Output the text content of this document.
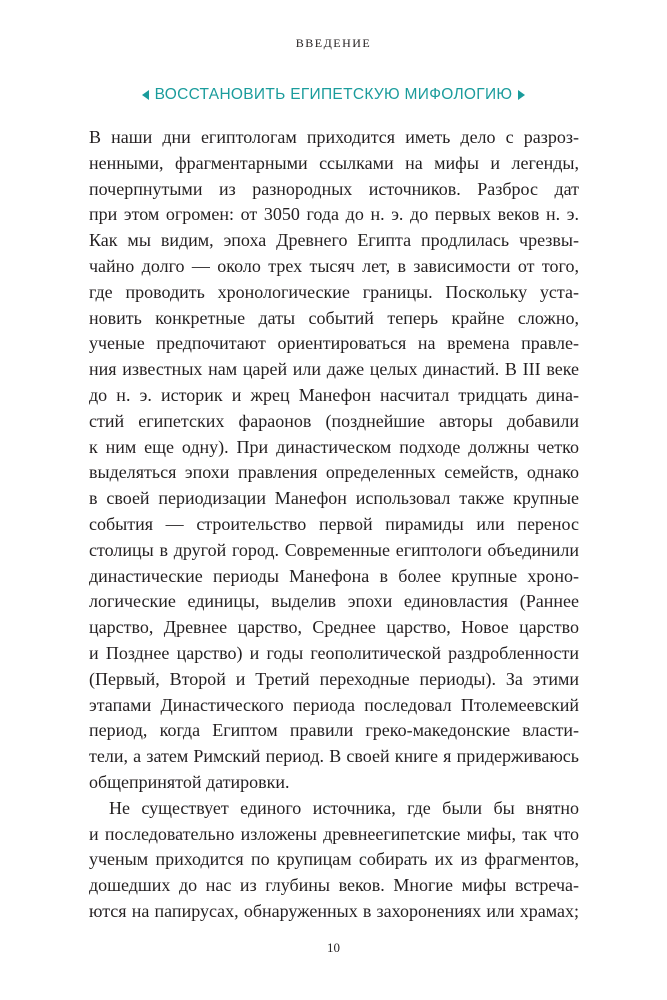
ВВЕДЕНИЕ
ВОССТАНОВИТЬ ЕГИПЕТСКУЮ МИФОЛОГИЮ
В наши дни египтологам приходится иметь дело с разроз-
ненными, фрагментарными ссылками на мифы и легенды,
почерпнутыми из разнородных источников. Разброс дат
при этом огромен: от 3050 года до н. э. до первых веков н. э.
Как мы видим, эпоха Древнего Египта продлилась чрезвы-
чайно долго — около трех тысяч лет, в зависимости от того,
где проводить хронологические границы. Поскольку уста-
новить конкретные даты событий теперь крайне сложно,
ученые предпочитают ориентироваться на времена правле-
ния известных нам царей или даже целых династий. В III веке
до н. э. историк и жрец Манефон насчитал тридцать дина-
стий египетских фараонов (позднейшие авторы добавили
к ним еще одну). При династическом подходе должны четко
выделяться эпохи правления определенных семейств, однако
в своей периодизации Манефон использовал также крупные
события — строительство первой пирамиды или перенос
столицы в другой город. Современные египтологи объединили
династические периоды Манефона в более крупные хроно-
логические единицы, выделив эпохи единовластия (Раннее
царство, Древнее царство, Среднее царство, Новое царство
и Позднее царство) и годы геополитической раздробленности
(Первый, Второй и Третий переходные периоды). За этими
этапами Династического периода последовал Птолемеевский
период, когда Египтом правили греко-македонские власти-
тели, а затем Римский период. В своей книге я придерживаюсь
общепринятой датировки.
Не существует единого источника, где были бы внятно
и последовательно изложены древнеегипетские мифы, так что
ученым приходится по крупицам собирать их из фрагментов,
дошедших до нас из глубины веков. Многие мифы встреча-
ются на папирусах, обнаруженных в захоронениях или храмах;
10
